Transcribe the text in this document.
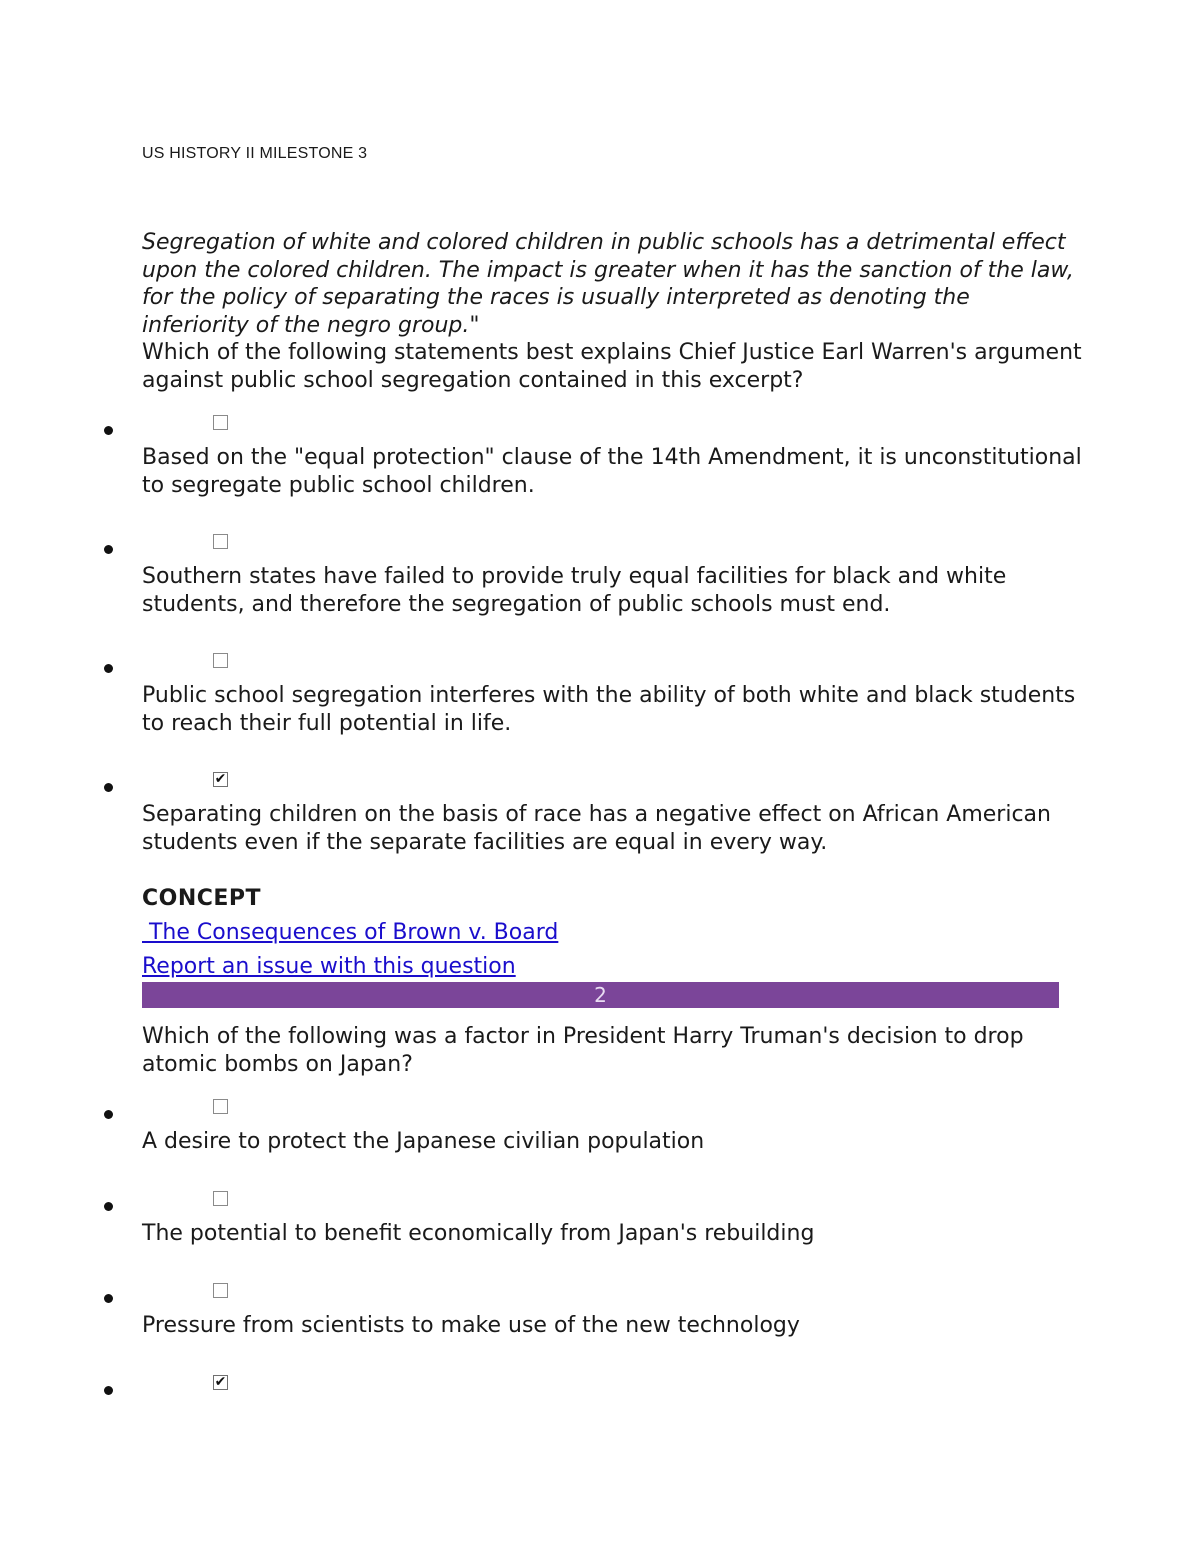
US HISTORY II MILESTONE 3
Segregation of white and colored children in public schools has a detrimental effect upon the colored children. The impact is greater when it has the sanction of the law, for the policy of separating the races is usually interpreted as denoting the inferiority of the negro group."
Which of the following statements best explains Chief Justice Earl Warren's argument against public school segregation contained in this excerpt?
Based on the "equal protection" clause of the 14th Amendment, it is unconstitutional to segregate public school children.
Southern states have failed to provide truly equal facilities for black and white students, and therefore the segregation of public schools must end.
Public school segregation interferes with the ability of both white and black students to reach their full potential in life.
✔
Separating children on the basis of race has a negative effect on African American students even if the separate facilities are equal in every way.
CONCEPT
The Consequences of Brown v. Board
Report an issue with this question
2
Which of the following was a factor in President Harry Truman's decision to drop atomic bombs on Japan?
A desire to protect the Japanese civilian population
The potential to benefit economically from Japan's rebuilding
Pressure from scientists to make use of the new technology
✔
